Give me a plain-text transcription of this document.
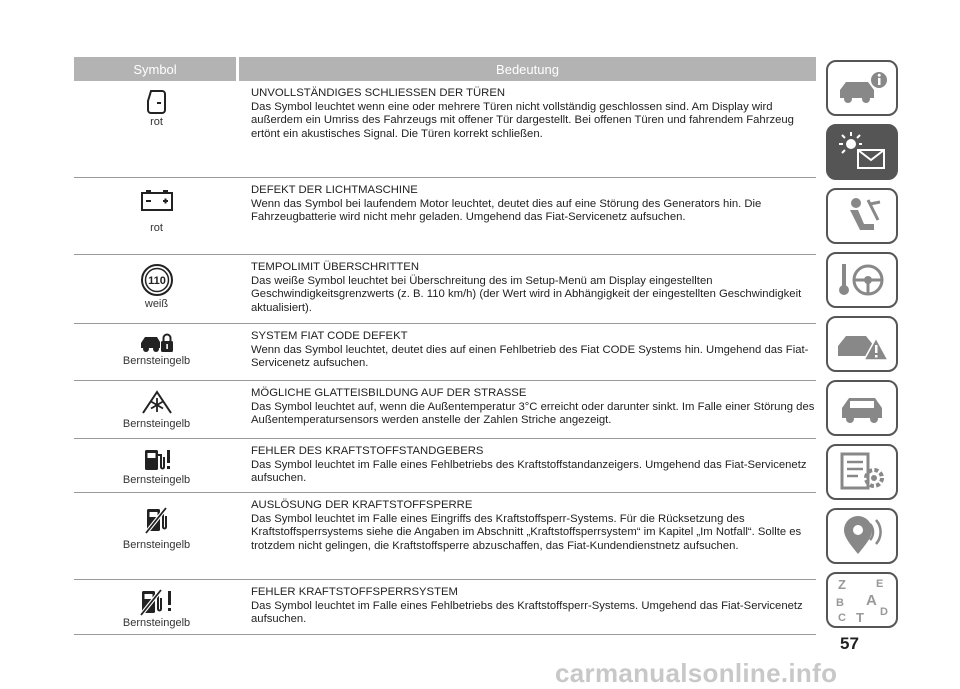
Symbol	Bedeutung
rot
UNVOLLSTÄNDIGES SCHLIESSEN DER TÜREN
Das Symbol leuchtet wenn eine oder mehrere Türen nicht vollständig geschlossen sind. Am Display wird außerdem ein Umriss des Fahrzeugs mit offener Tür dargestellt. Bei offenen Türen und fahrendem Fahrzeug ertönt ein akustisches Signal. Die Türen korrekt schließen.
rot
DEFEKT DER LICHTMASCHINE
Wenn das Symbol bei laufendem Motor leuchtet, deutet dies auf eine Störung des Generators hin. Die Fahrzeugbatterie wird nicht mehr geladen. Umgehend das Fiat-Servicenetz aufsuchen.
110
weiß
TEMPOLIMIT ÜBERSCHRITTEN
Das weiße Symbol leuchtet bei Überschreitung des im Setup-Menü am Display eingestellten Geschwindigkeitsgrenzwerts (z. B. 110 km/h) (der Wert wird in Abhängigkeit der eingestellten Geschwindigkeit aktualisiert).
Bernsteingelb
SYSTEM FIAT CODE DEFEKT
Wenn das Symbol leuchtet, deutet dies auf einen Fehlbetrieb des Fiat CODE Systems hin. Umgehend das Fiat-Servicenetz aufsuchen.
Bernsteingelb
MÖGLICHE GLATTEISBILDUNG AUF DER STRASSE
Das Symbol leuchtet auf, wenn die Außentemperatur 3°C erreicht oder darunter sinkt. Im Falle einer Störung des Außentemperatursensors werden anstelle der Zahlen Striche angezeigt.
Bernsteingelb
FEHLER DES KRAFTSTOFFSTANDGEBERS
Das Symbol leuchtet im Falle eines Fehlbetriebs des Kraftstoffstandanzeigers. Umgehend das Fiat-Servicenetz aufsuchen.
Bernsteingelb
AUSLÖSUNG DER KRAFTSTOFFSPERRE
Das Symbol leuchtet im Falle eines Eingriffs des Kraftstoffsperr-Systems. Für die Rücksetzung des Kraftstoffsperrsystems siehe die Angaben im Abschnitt „Kraftstoffsperrsystem“ im Kapitel „Im Notfall“. Sollte es trotzdem nicht gelingen, die Kraftstoffsperre abzuschaffen, das Fiat-Kundendienstnetz aufsuchen.
Bernsteingelb
FEHLER KRAFTSTOFFSPERRSYSTEM
Das Symbol leuchtet im Falle eines Fehlbetriebs des Kraftstoffsperr-Systems. Umgehend das Fiat-Servicenetz aufsuchen.
Z	E
B A
C T D
57
carmanualsonline.info
